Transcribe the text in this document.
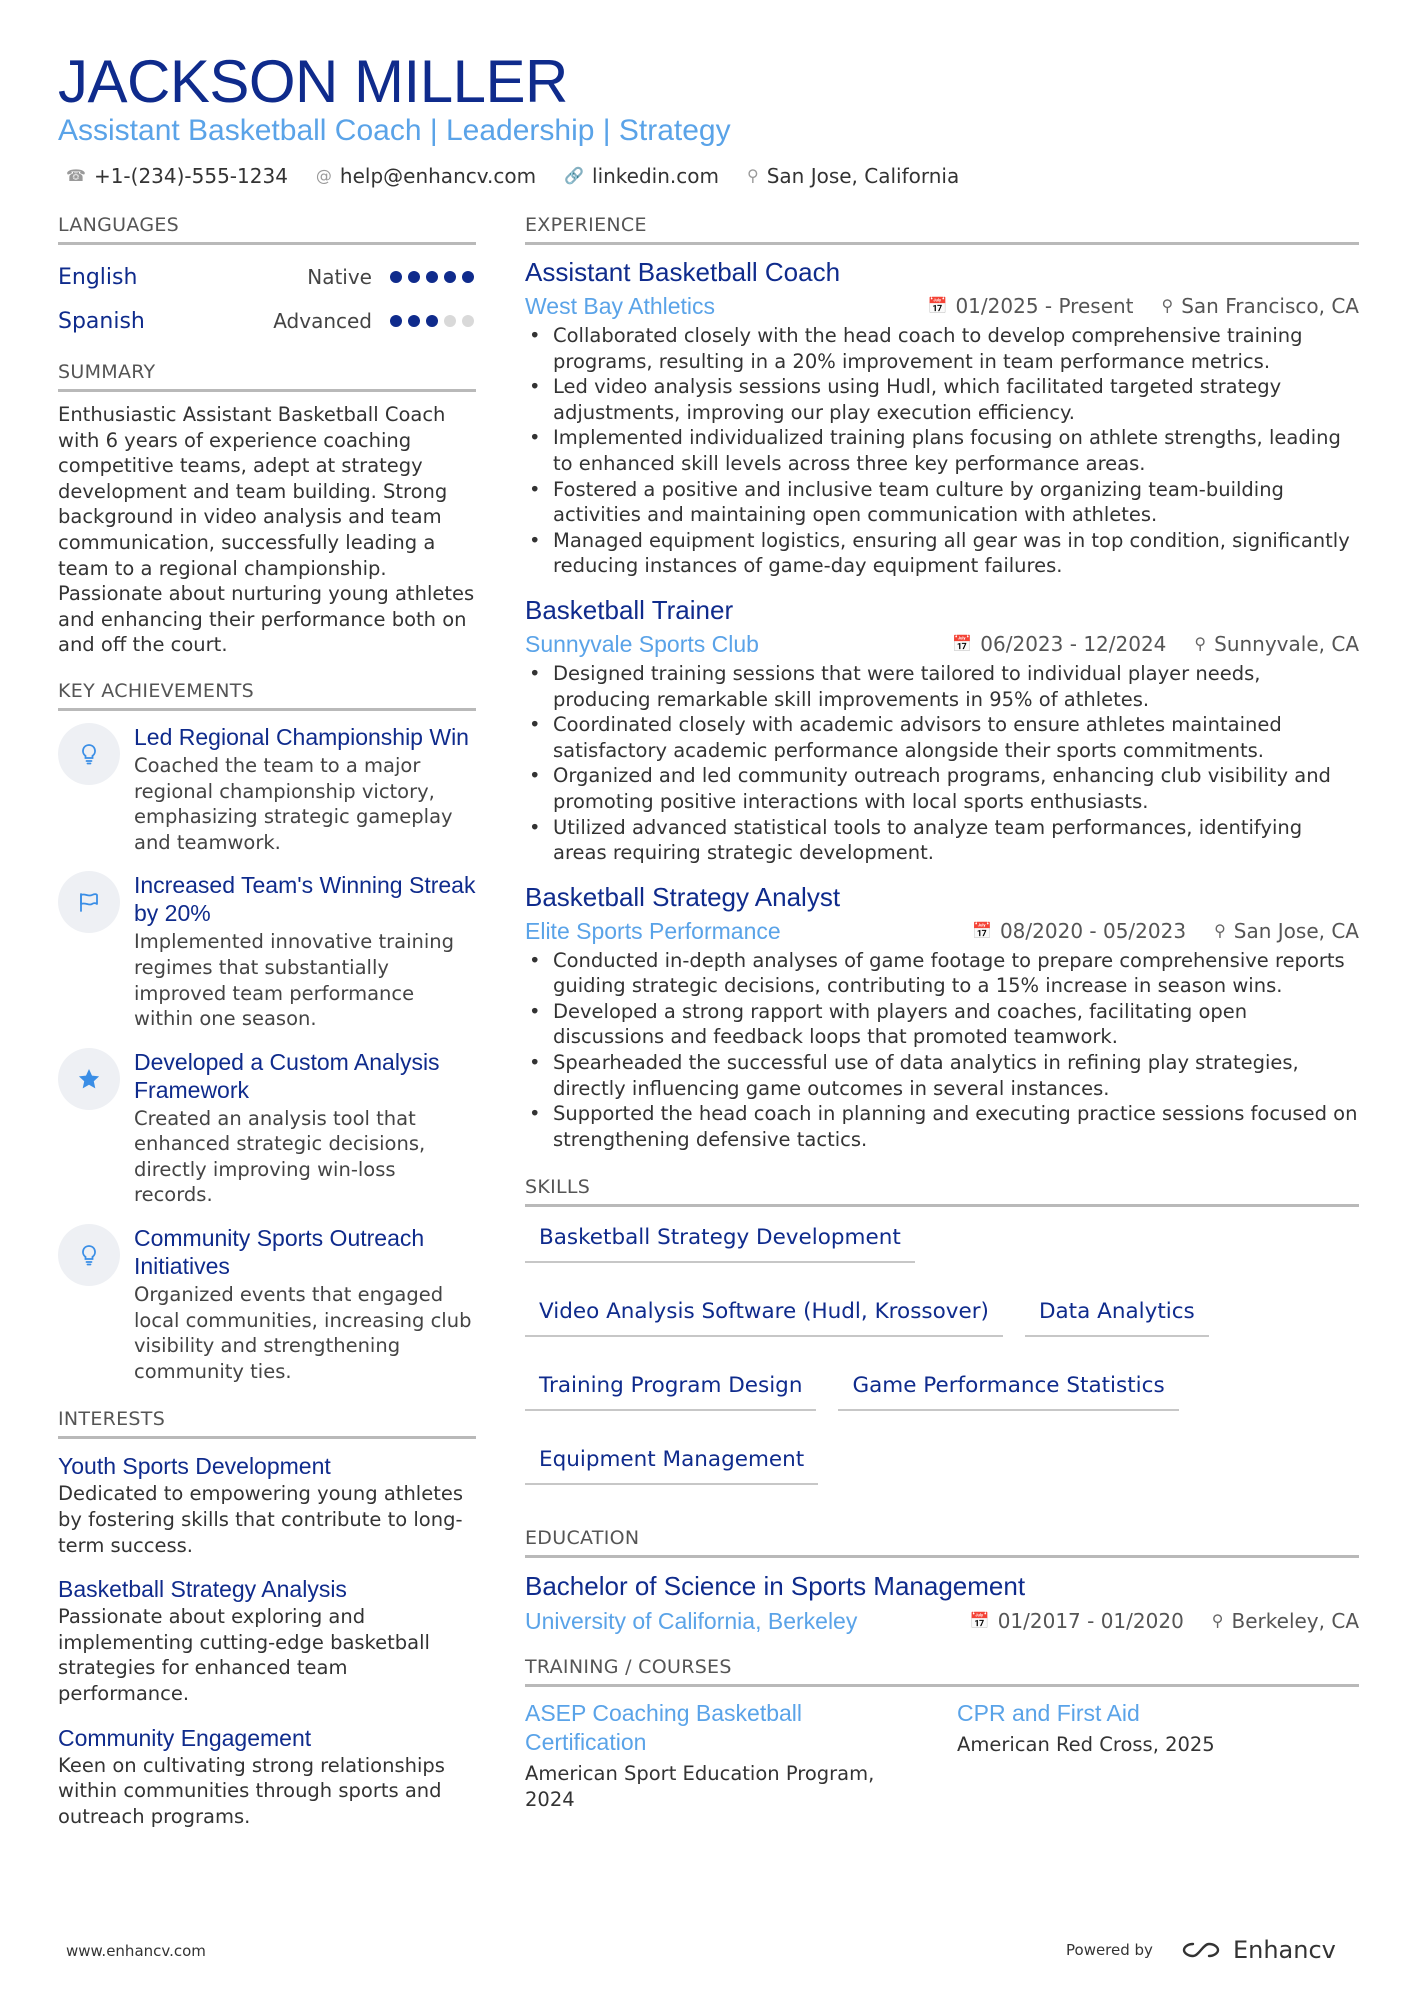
JACKSON MILLER
Assistant Basketball Coach | Leadership | Strategy
☎ +1-(234)-555-1234 @ help@enhancv.com 🔗 linkedin.com ⚲ San Jose, California
LANGUAGES
English	Native
Spanish	Advanced
SUMMARY

Enthusiastic Assistant Basketball Coach with 6 years of experience coaching competitive teams, adept at strategy development and team building. Strong background in video analysis and team communication, successfully leading a team to a regional championship. Passionate about nurturing young athletes and enhancing their performance both on and off the court.

KEY ACHIEVEMENTS
Led Regional Championship Win
Coached the team to a major regional championship victory, emphasizing strategic gameplay and teamwork.
Increased Team's Winning Streak by 20%
Implemented innovative training regimes that substantially improved team performance within one season.
Developed a Custom Analysis Framework
Created an analysis tool that enhanced strategic decisions, directly improving win-loss records.
Community Sports Outreach Initiatives
Organized events that engaged local communities, increasing club visibility and strengthening community ties.
INTERESTS
Youth Sports Development
Dedicated to empowering young athletes by fostering skills that contribute to long-term success.
Basketball Strategy Analysis
Passionate about exploring and implementing cutting-edge basketball strategies for enhanced team performance.
Community Engagement
Keen on cultivating strong relationships within communities through sports and outreach programs.
EXPERIENCE
Assistant Basketball Coach
West Bay Athletics	📅 01/2025 - Present ⚲ San Francisco, CA
• Collaborated closely with the head coach to develop comprehensive training programs, resulting in a 20% improvement in team performance metrics.
• Led video analysis sessions using Hudl, which facilitated targeted strategy adjustments, improving our play execution efficiency.
• Implemented individualized training plans focusing on athlete strengths, leading to enhanced skill levels across three key performance areas.
• Fostered a positive and inclusive team culture by organizing team-building activities and maintaining open communication with athletes.
• Managed equipment logistics, ensuring all gear was in top condition, significantly reducing instances of game-day equipment failures.
Basketball Trainer
Sunnyvale Sports Club	📅 06/2023 - 12/2024 ⚲ Sunnyvale, CA
• Designed training sessions that were tailored to individual player needs, producing remarkable skill improvements in 95% of athletes.
• Coordinated closely with academic advisors to ensure athletes maintained satisfactory academic performance alongside their sports commitments.
• Organized and led community outreach programs, enhancing club visibility and promoting positive interactions with local sports enthusiasts.
• Utilized advanced statistical tools to analyze team performances, identifying areas requiring strategic development.
Basketball Strategy Analyst
Elite Sports Performance	📅 08/2020 - 05/2023 ⚲ San Jose, CA
• Conducted in-depth analyses of game footage to prepare comprehensive reports guiding strategic decisions, contributing to a 15% increase in season wins.
• Developed a strong rapport with players and coaches, facilitating open discussions and feedback loops that promoted teamwork.
• Spearheaded the successful use of data analytics in refining play strategies, directly influencing game outcomes in several instances.
• Supported the head coach in planning and executing practice sessions focused on strengthening defensive tactics.
SKILLS
Basketball Strategy Development
Video Analysis Software (Hudl, Krossover)	Data Analytics
Training Program Design	Game Performance Statistics
Equipment Management
EDUCATION
Bachelor of Science in Sports Management
University of California, Berkeley	📅 01/2017 - 01/2020 ⚲ Berkeley, CA
TRAINING / COURSES
ASEP Coaching Basketball Certification
American Sport Education Program, 2024
CPR and First Aid
American Red Cross, 2025
www.enhancv.com	Powered by	Enhancv
